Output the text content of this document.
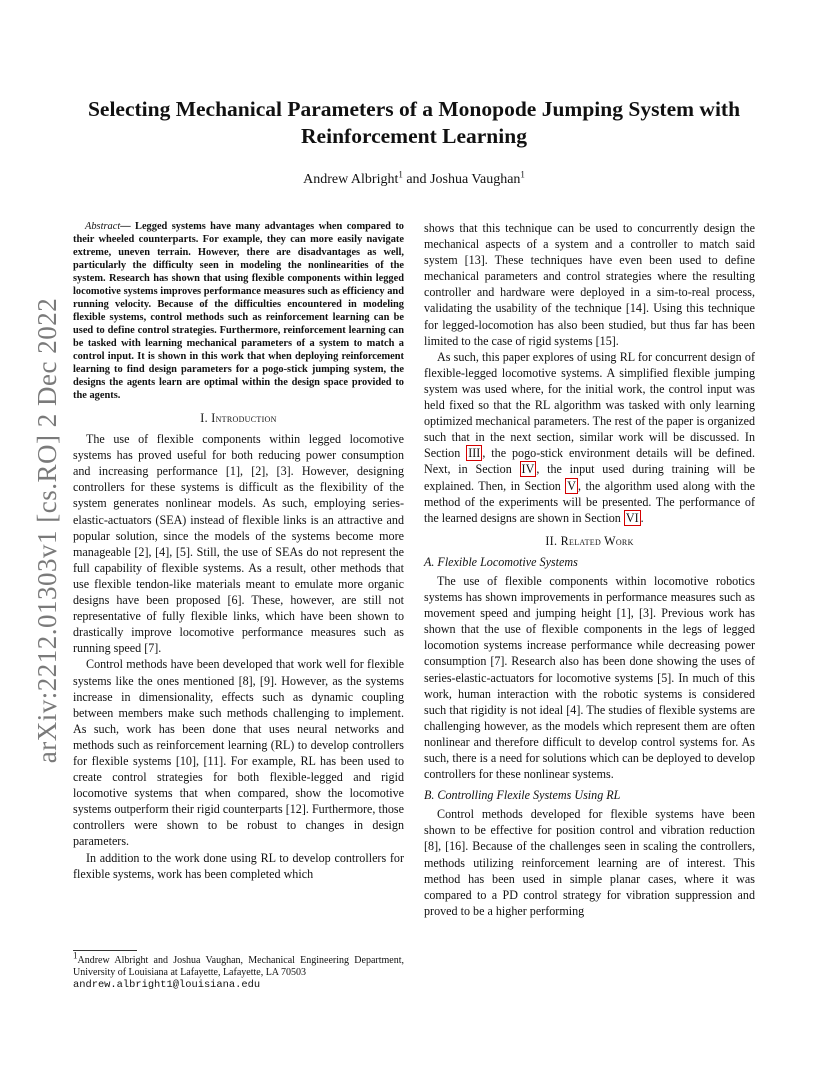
arXiv:2212.01303v1 [cs.RO] 2 Dec 2022
Selecting Mechanical Parameters of a Monopode Jumping System with Reinforcement Learning
Andrew Albright$^1$ and Joshua Vaughan$^1$

Abstract— Legged systems have many advantages when compared to their wheeled counterparts. For example, they can more easily navigate extreme, uneven terrain. However, there are disadvantages as well, particularly the difficulty seen in modeling the nonlinearities of the system. Research has shown that using flexible components within legged locomotive systems improves performance measures such as efficiency and running velocity. Because of the difficulties encountered in modeling flexible systems, control methods such as reinforcement learning can be used to define control strategies. Furthermore, reinforcement learning can be tasked with learning mechanical parameters of a system to match a control input. It is shown in this work that when deploying reinforcement learning to find design parameters for a pogo-stick jumping system, the designs the agents learn are optimal within the design space provided to the agents.

I. Introduction

The use of flexible components within legged locomotive systems has proved useful for both reducing power consumption and increasing performance [1], [2], [3]. However, designing controllers for these systems is difficult as the flexibility of the system generates nonlinear models. As such, employing series-elastic-actuators (SEA) instead of flexible links is an attractive and popular solution, since the models of the systems become more manageable [2], [4], [5]. Still, the use of SEAs do not represent the full capability of flexible systems. As a result, other methods that use flexible tendon-like materials meant to emulate more organic designs have been proposed [6]. These, however, are still not representative of fully flexible links, which have been shown to drastically improve locomotive performance measures such as running speed [7].

Control methods have been developed that work well for flexible systems like the ones mentioned [8], [9]. However, as the systems increase in dimensionality, effects such as dynamic coupling between members make such methods challenging to implement. As such, work has been done that uses neural networks and methods such as reinforcement learning (RL) to develop controllers for flexible systems [10], [11]. For example, RL has been used to create control strategies for both flexible-legged and rigid locomotive systems that when compared, show the locomotive systems outperform their rigid counterparts [12]. Furthermore, those controllers were shown to be robust to changes in design parameters.

In addition to the work done using RL to develop controllers for flexible systems, work has been completed which

$^1$Andrew Albright and Joshua Vaughan, Mechanical Engineering Department, University of Louisiana at Lafayette, Lafayette, LA 70503
andrew.albright1@louisiana.edu

shows that this technique can be used to concurrently design the mechanical aspects of a system and a controller to match said system [13]. These techniques have even been used to define mechanical parameters and control strategies where the resulting controller and hardware were deployed in a sim-to-real process, validating the usability of the technique [14]. Using this technique for legged-locomotion has also been studied, but thus far has been limited to the case of rigid systems [15].

As such, this paper explores of using RL for concurrent design of flexible-legged locomotive systems. A simplified flexible jumping system was used where, for the initial work, the control input was held fixed so that the RL algorithm was tasked with only learning optimized mechanical parameters. The rest of the paper is organized such that in the next section, similar work will be discussed. In Section III , the pogo-stick environment details will be defined. Next, in Section IV , the input used during training will be explained. Then, in Section V , the algorithm used along with the method of the experiments will be presented. The performance of the learned designs are shown in Section VI .

II. Related Work
A. Flexible Locomotive Systems

The use of flexible components within locomotive robotics systems has shown improvements in performance measures such as movement speed and jumping height [1], [3]. Previous work has shown that the use of flexible components in the legs of legged locomotion systems increase performance while decreasing power consumption [7]. Research also has been done showing the uses of series-elastic-actuators for locomotive systems [5]. In much of this work, human interaction with the robotic systems is considered such that rigidity is not ideal [4]. The studies of flexible systems are challenging however, as the models which represent them are often nonlinear and therefore difficult to develop control systems for. As such, there is a need for solutions which can be deployed to develop controllers for these nonlinear systems.

B. Controlling Flexile Systems Using RL

Control methods developed for flexible systems have been shown to be effective for position control and vibration reduction [8], [16]. Because of the challenges seen in scaling the controllers, methods utilizing reinforcement learning are of interest. This method has been used in simple planar cases, where it was compared to a PD control strategy for vibration suppression and proved to be a higher performing
